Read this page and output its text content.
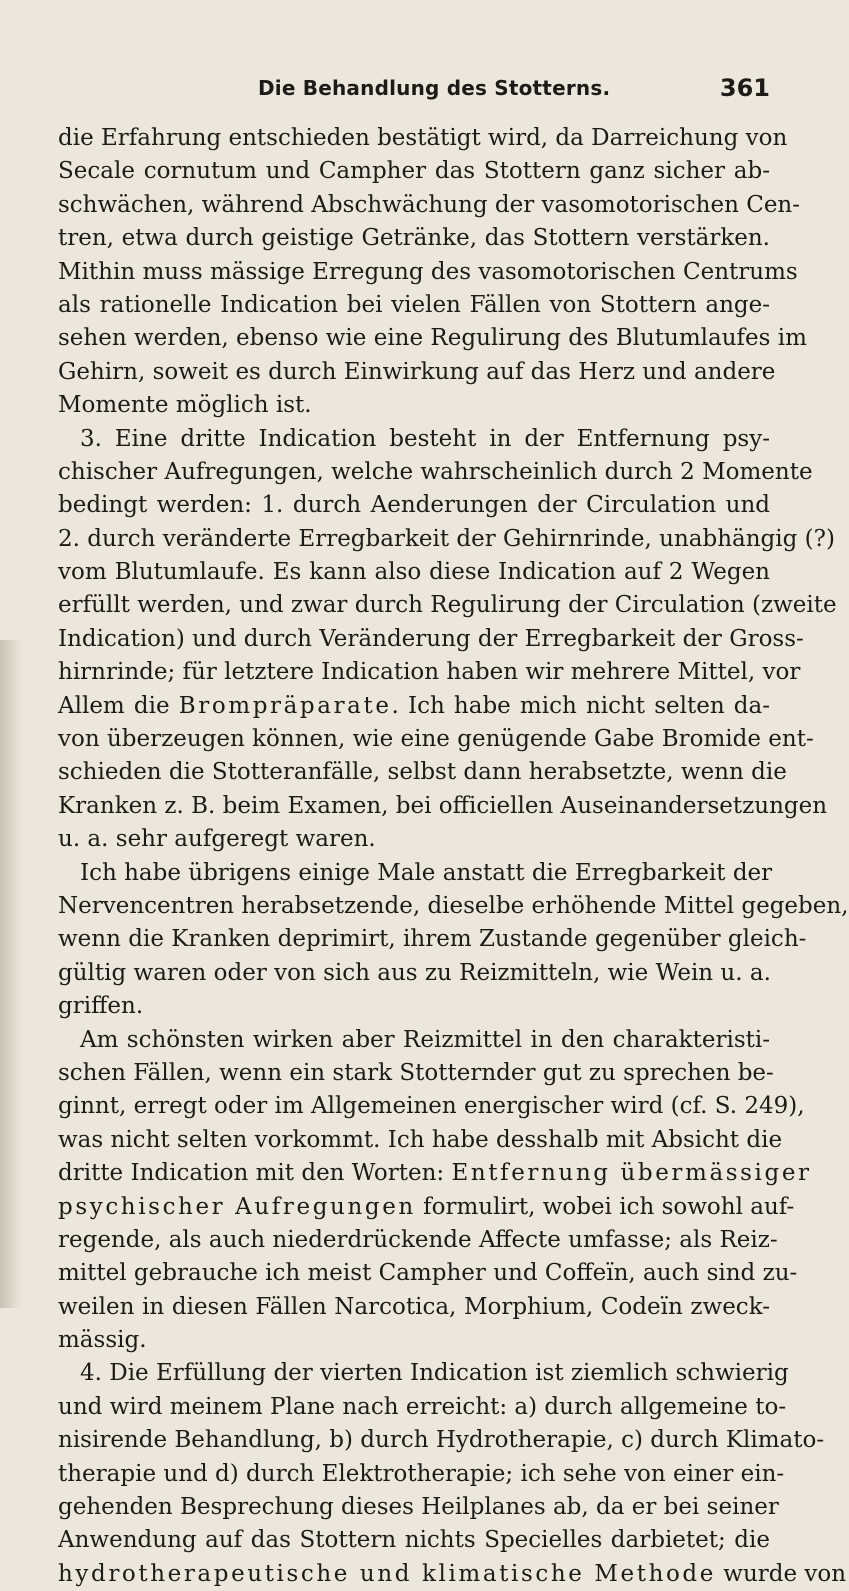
Die Behandlung des Stotterns.	361
die Erfahrung entschieden bestätigt wird, da Darreichung von
Secale cornutum und Campher das Stottern ganz sicher ab-
schwächen, während Abschwächung der vasomotorischen Cen-
tren, etwa durch geistige Getränke, das Stottern verstärken.
Mithin muss mässige Erregung des vasomotorischen Centrums
als rationelle Indication bei vielen Fällen von Stottern ange-
sehen werden, ebenso wie eine Regulirung des Blutumlaufes im
Gehirn, soweit es durch Einwirkung auf das Herz und andere
Momente möglich ist.
3. Eine dritte Indication besteht in der Entfernung psy-
chischer Aufregungen, welche wahrscheinlich durch 2 Momente
bedingt werden: 1. durch Aenderungen der Circulation und
2. durch veränderte Erregbarkeit der Gehirnrinde, unabhängig (?)
vom Blutumlaufe. Es kann also diese Indication auf 2 Wegen
erfüllt werden, und zwar durch Regulirung der Circulation (zweite
Indication) und durch Veränderung der Erregbarkeit der Gross-
hirnrinde; für letztere Indication haben wir mehrere Mittel, vor
Allem die Brompräparate. Ich habe mich nicht selten da-
von überzeugen können, wie eine genügende Gabe Bromide ent-
schieden die Stotteranfälle, selbst dann herabsetzte, wenn die
Kranken z. B. beim Examen, bei officiellen Auseinandersetzungen
u. a. sehr aufgeregt waren.
Ich habe übrigens einige Male anstatt die Erregbarkeit der
Nervencentren herabsetzende, dieselbe erhöhende Mittel gegeben,
wenn die Kranken deprimirt, ihrem Zustande gegenüber gleich-
gültig waren oder von sich aus zu Reizmitteln, wie Wein u. a.
griffen.
Am schönsten wirken aber Reizmittel in den charakteristi-
schen Fällen, wenn ein stark Stotternder gut zu sprechen be-
ginnt, erregt oder im Allgemeinen energischer wird (cf. S. 249),
was nicht selten vorkommt. Ich habe desshalb mit Absicht die
dritte Indication mit den Worten: Entfernung übermässiger
psychischer Aufregungen formulirt, wobei ich sowohl auf-
regende, als auch niederdrückende Affecte umfasse; als Reiz-
mittel gebrauche ich meist Campher und Coffeïn, auch sind zu-
weilen in diesen Fällen Narcotica, Morphium, Codeïn zweck-
mässig.
4. Die Erfüllung der vierten Indication ist ziemlich schwierig
und wird meinem Plane nach erreicht: a) durch allgemeine to-
nisirende Behandlung, b) durch Hydrotherapie, c) durch Klimato-
therapie und d) durch Elektrotherapie; ich sehe von einer ein-
gehenden Besprechung dieses Heilplanes ab, da er bei seiner
Anwendung auf das Stottern nichts Specielles darbietet; die
hydrotherapeutische und klimatische Methode wurde von
